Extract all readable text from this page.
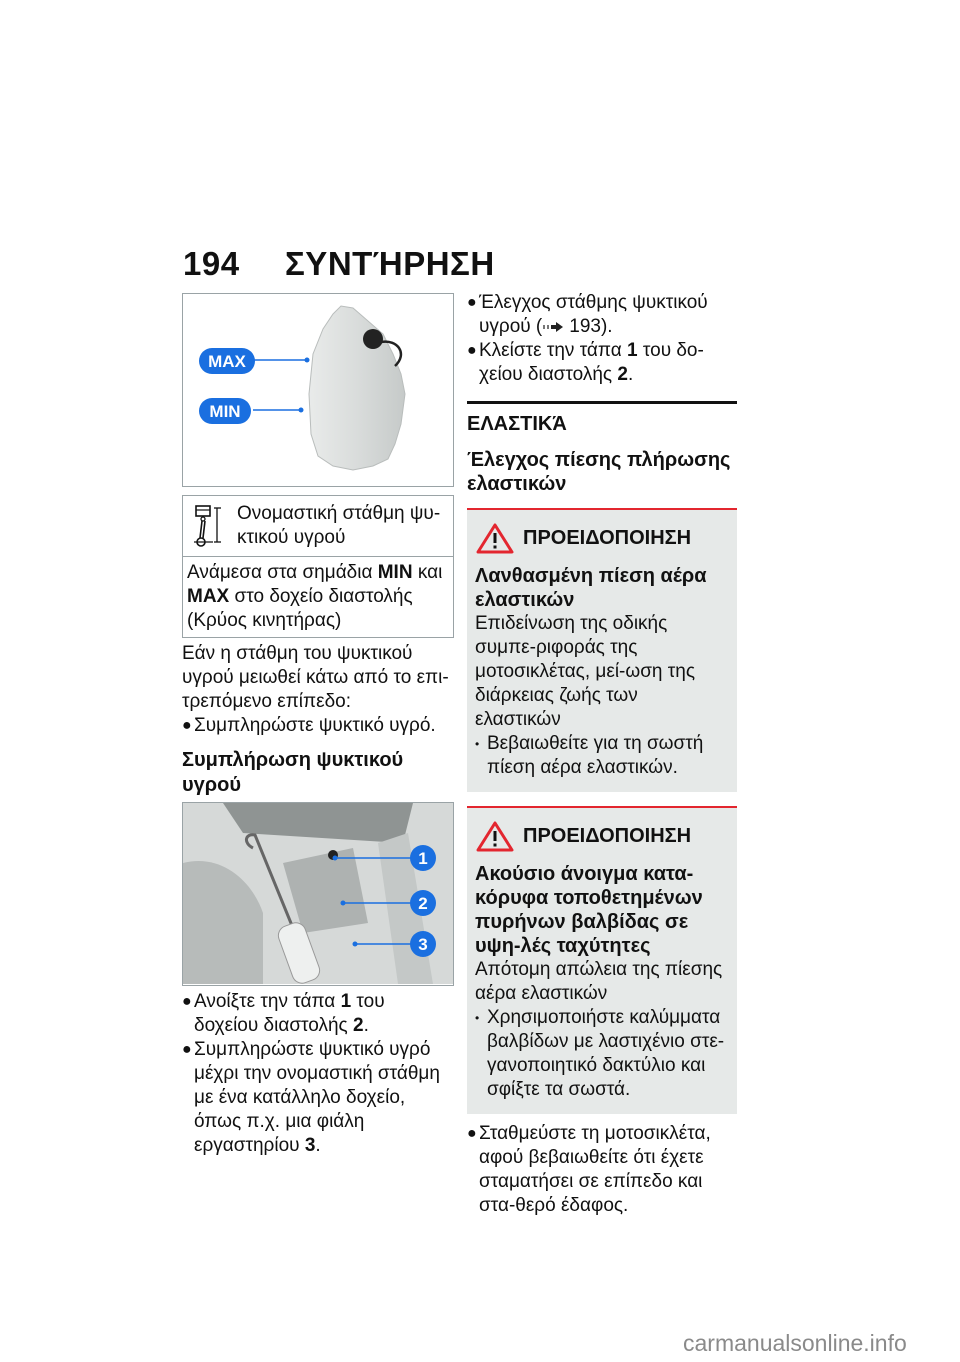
194 ΣΥΝΤΉΡΗΣΗ
MAX
MIN
Ονομαστική στάθμη ψυ-κτικού υγρού
Ανάμεσα στα σημάδια MIN και
MAX στο δοχείο διαστολής (Κρύος κινητήρας)

Εάν η στάθμη του ψυκτικού υγρού μειωθεί κάτω από το επι-τρεπόμενο επίπεδο:

● Συμπληρώστε ψυκτικό υγρό.
Συμπλήρωση ψυκτικού υγρού
1
2
3
● Ανοίξτε την τάπα 1 του δοχείου διαστολής 2.
● Συμπληρώστε ψυκτικό υγρό μέχρι την ονομαστική στάθμη με ένα κατάλληλο δοχείο, όπως π.χ. μια φιάλη εργαστηρίου 3.
● Έλεγχος στάθμης ψυκτικού υγρού ( 193).
● Κλείστε την τάπα 1 του δο-χείου διαστολής 2.
ΕΛΑΣΤΙΚΆ
Έλεγχος πίεσης πλήρωσης ελαστικών
ΠΡΟΕΙΔΟΠΟΙΗΣΗ
Λανθασμένη πίεση αέρα ελαστικών
Επιδείνωση της οδικής συμπε-ριφοράς της μοτοσικλέτας, μεί-ωση της διάρκειας ζωής των ελαστικών
• Βεβαιωθείτε για τη σωστή πίεση αέρα ελαστικών.
ΠΡΟΕΙΔΟΠΟΙΗΣΗ
Ακούσιο άνοιγμα κατα-κόρυφα τοποθετημένων πυρήνων βαλβίδας σε υψη-λές ταχύτητες
Απότομη απώλεια της πίεσης αέρα ελαστικών
• Χρησιμοποιήστε καλύμματα βαλβίδων με λαστιχένιο στε-γανοποιητικό δακτύλιο και σφίξτε τα σωστά.
● Σταθμεύστε τη μοτοσικλέτα, αφού βεβαιωθείτε ότι έχετε σταματήσει σε επίπεδο και στα-θερό έδαφος.
carmanualsonline.info
